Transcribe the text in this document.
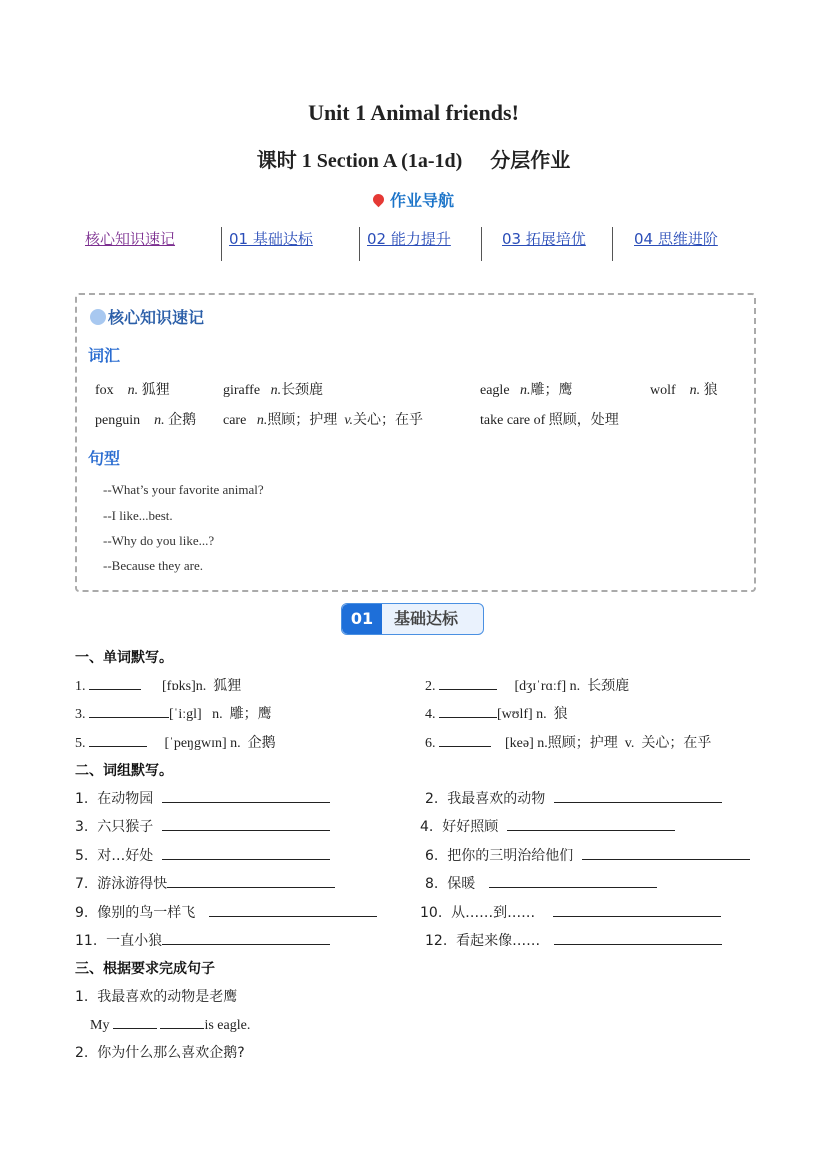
Unit 1 Animal friends!
课时 1 Section A (1a-1d) 分层作业
作业导航
核心知识速记	01 基础达标	02 能力提升	03 拓展培优	04 思维进阶
核心知识速记
词汇
fox n. 狐狸	giraffe n.长颈鹿	eagle n.雕；鹰	wolf n. 狼
penguin n. 企鹅 care n.照顾；护理 v.关心；在乎	take care of 照顾，处理
句型
--What’s your favorite animal?
--I like...best.
--Why do you like...?
--Because they are.
01	基础达标
一、单词默写。
1.	[fɒks]n. 狐狸	2.	[dʒɪˈrɑːf] n. 长颈鹿
3.	[ˈiːgl] n. 雕；鹰	4.	[wʊlf] n. 狼
5.	[ˈpeŋgwɪn] n. 企鹅	6.	[keə] n.照顾；护理 v. 关心；在乎
二、词组默写。
1. 在动物园	2. 我最喜欢的动物
3. 六只猴子	4. 好好照顾
5. 对…好处	6. 把你的三明治给他们
7. 游泳游得快	8. 保暖
9. 像别的鸟一样飞	10. 从……到……
11. 一直小狼	12. 看起来像……
三、根据要求完成句子
1. 我最喜欢的动物是老鹰
My	is eagle.
2. 你为什么那么喜欢企鹅?
